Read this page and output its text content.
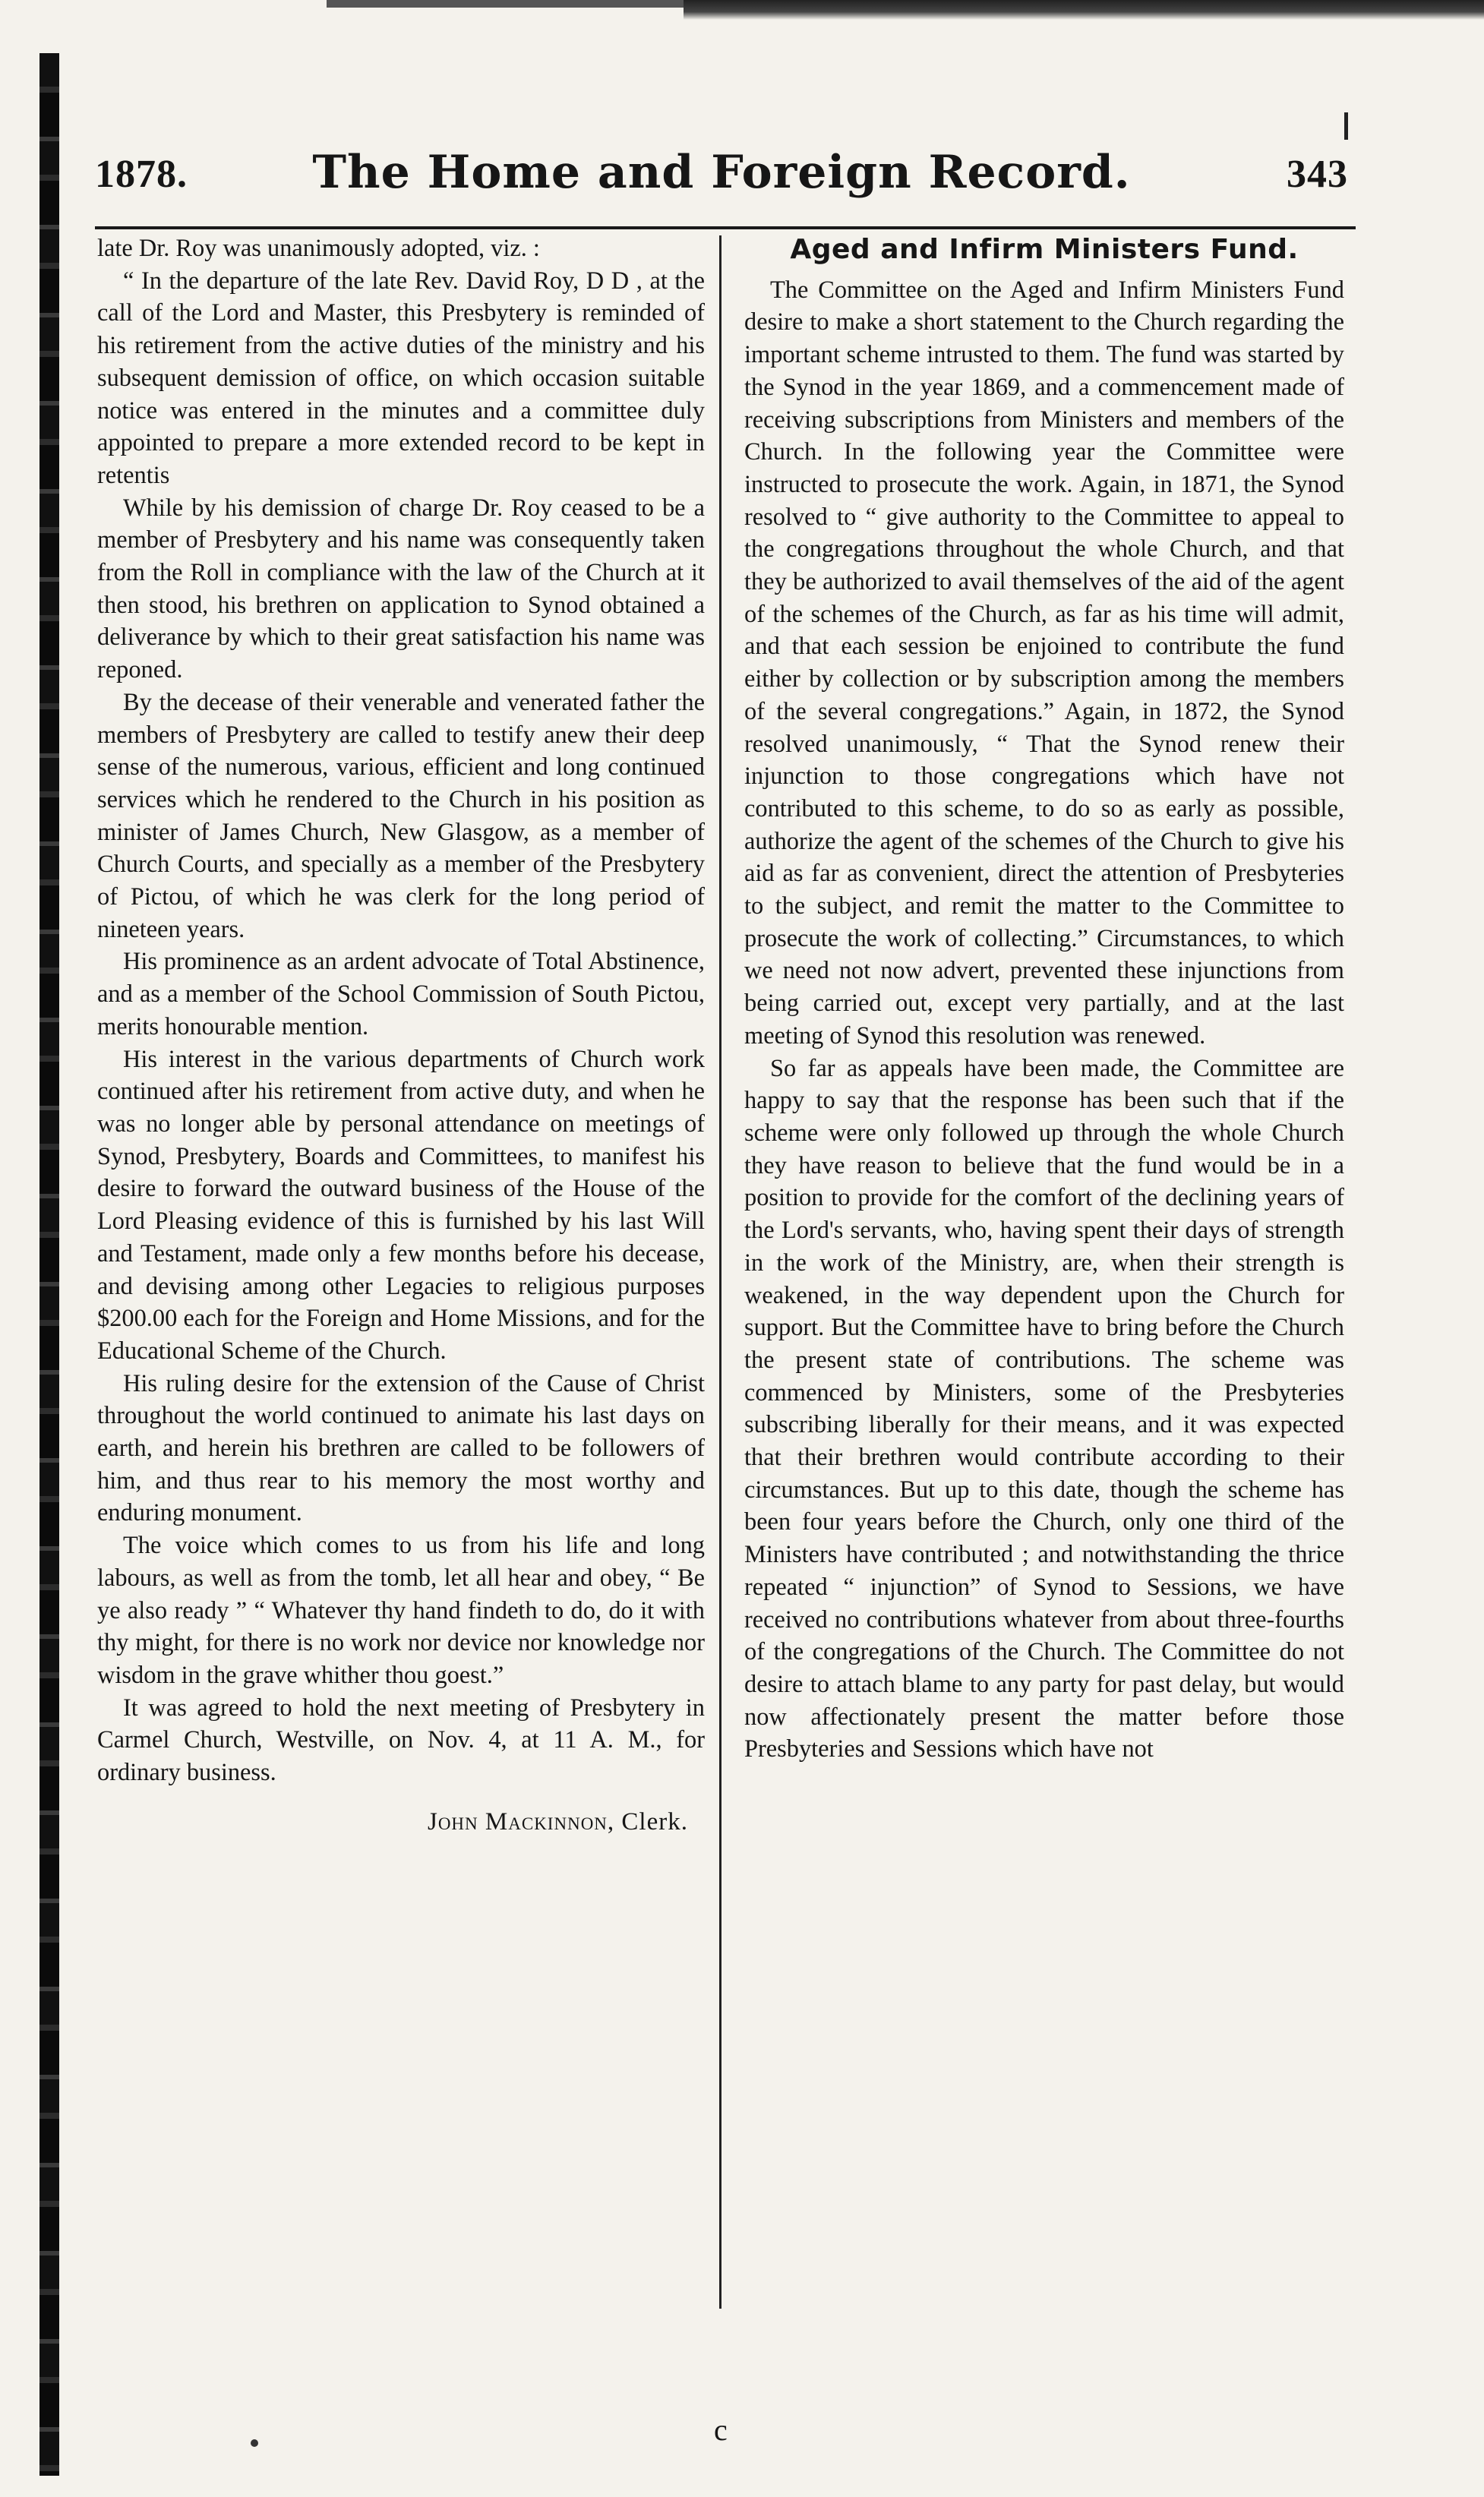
1878.	The Home and Foreign Record.	343

late Dr. Roy was unanimously adopted, viz. :

“ In the departure of the late Rev. David Roy, D D , at the call of the Lord and Master, this Presbytery is reminded of his retirement from the active duties of the ministry and his subsequent demission of office, on which occasion suitable notice was entered in the minutes and a committee duly appointed to prepare a more extended record to be kept in retentis

While by his demission of charge Dr. Roy ceased to be a member of Presbytery and his name was consequently taken from the Roll in compliance with the law of the Church at it then stood, his brethren on application to Synod obtained a deliverance by which to their great satisfaction his name was reponed.

By the decease of their venerable and venerated father the members of Presbytery are called to testify anew their deep sense of the numerous, various, efficient and long continued services which he rendered to the Church in his position as minister of James Church, New Glasgow, as a member of Church Courts, and specially as a member of the Presbytery of Pictou, of which he was clerk for the long period of nineteen years.

His prominence as an ardent advocate of Total Abstinence, and as a member of the School Commission of South Pictou, merits honourable mention.

His interest in the various departments of Church work continued after his retirement from active duty, and when he was no longer able by personal attendance on meetings of Synod, Presbytery, Boards and Committees, to manifest his desire to forward the outward business of the House of the Lord Pleasing evidence of this is furnished by his last Will and Testament, made only a few months before his decease, and devising among other Legacies to religious purposes $200.00 each for the Foreign and Home Missions, and for the Educational Scheme of the Church.

His ruling desire for the extension of the Cause of Christ throughout the world continued to animate his last days on earth, and herein his brethren are called to be followers of him, and thus rear to his memory the most worthy and enduring monument.

The voice which comes to us from his life and long labours, as well as from the tomb, let all hear and obey, “ Be ye also ready ” “ Whatever thy hand findeth to do, do it with thy might, for there is no work nor device nor knowledge nor wisdom in the grave whither thou goest.”

It was agreed to hold the next meeting of Presbytery in Carmel Church, Westville, on Nov. 4, at 11 A. M., for ordinary business.

John Mackinnon, Clerk.
Aged and Infirm Ministers Fund.

The Committee on the Aged and Infirm Ministers Fund desire to make a short statement to the Church regarding the important scheme intrusted to them. The fund was started by the Synod in the year 1869, and a commencement made of receiving subscriptions from Ministers and members of the Church. In the following year the Committee were instructed to prosecute the work. Again, in 1871, the Synod resolved to “ give authority to the Committee to appeal to the congregations throughout the whole Church, and that they be authorized to avail themselves of the aid of the agent of the schemes of the Church, as far as his time will admit, and that each session be enjoined to contribute the fund either by collection or by subscription among the members of the several congregations.” Again, in 1872, the Synod resolved unanimously, “ That the Synod renew their injunction to those congregations which have not contributed to this scheme, to do so as early as possible, authorize the agent of the schemes of the Church to give his aid as far as convenient, direct the attention of Presbyteries to the subject, and remit the matter to the Committee to prosecute the work of collecting.” Circumstances, to which we need not now advert, prevented these injunctions from being carried out, except very partially, and at the last meeting of Synod this resolution was renewed.

So far as appeals have been made, the Committee are happy to say that the response has been such that if the scheme were only followed up through the whole Church they have reason to believe that the fund would be in a position to provide for the comfort of the declining years of the Lord's servants, who, having spent their days of strength in the work of the Ministry, are, when their strength is weakened, in the way dependent upon the Church for support. But the Committee have to bring before the Church the present state of contributions. The scheme was commenced by Ministers, some of the Presbyteries subscribing liberally for their means, and it was expected that their brethren would contribute according to their circumstances. But up to this date, though the scheme has been four years before the Church, only one third of the Ministers have contributed ; and notwithstanding the thrice repeated “ injunction” of Synod to Sessions, we have received no contributions whatever from about three-fourths of the congregations of the Church. The Committee do not desire to attach blame to any party for past delay, but would now affectionately present the matter before those Presbyteries and Sessions which have not

c
